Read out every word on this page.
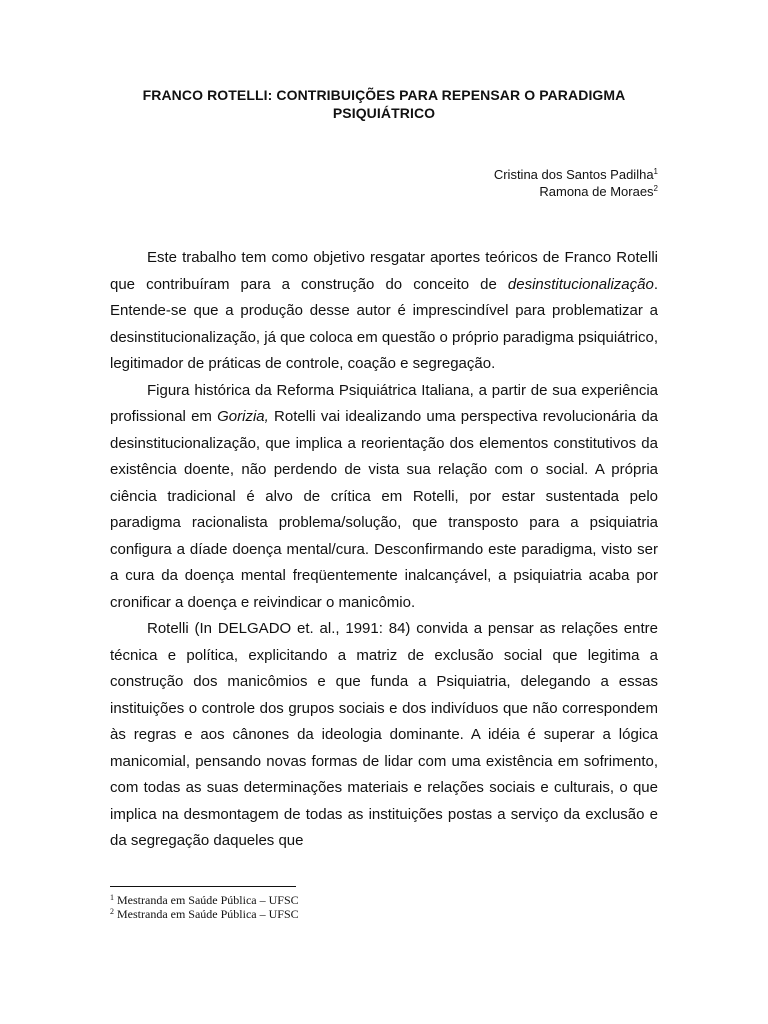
FRANCO ROTELLI: CONTRIBUIÇÕES PARA REPENSAR O PARADIGMA
PSIQUIÁTRICO
Cristina dos Santos Padilha$^1$
Ramona de Moraes$^2$

Este trabalho tem como objetivo resgatar aportes teóricos de Franco Rotelli que contribuíram para a construção do conceito de desinstitucionalização. Entende-se que a produção desse autor é imprescindível para problematizar a desinstitucionalização, já que coloca em questão o próprio paradigma psiquiátrico, legitimador de práticas de controle, coação e segregação.

Figura histórica da Reforma Psiquiátrica Italiana, a partir de sua experiência profissional em Gorizia, Rotelli vai idealizando uma perspectiva revolucionária da desinstitucionalização, que implica a reorientação dos elementos constitutivos da existência doente, não perdendo de vista sua relação com o social. A própria ciência tradicional é alvo de crítica em Rotelli, por estar sustentada pelo paradigma racionalista problema/solução, que transposto para a psiquiatria configura a díade doença mental/cura. Desconfirmando este paradigma, visto ser a cura da doença mental freqüentemente inalcançável, a psiquiatria acaba por cronificar a doença e reivindicar o manicômio.

Rotelli (In DELGADO et. al., 1991: 84) convida a pensar as relações entre técnica e política, explicitando a matriz de exclusão social que legitima a construção dos manicômios e que funda a Psiquiatria, delegando a essas instituições o controle dos grupos sociais e dos indivíduos que não correspondem às regras e aos cânones da ideologia dominante. A idéia é superar a lógica manicomial, pensando novas formas de lidar com uma existência em sofrimento, com todas as suas determinações materiais e relações sociais e culturais, o que implica na desmontagem de todas as instituições postas a serviço da exclusão e da segregação daqueles que

$^1$ Mestranda em Saúde Pública – UFSC
$^2$ Mestranda em Saúde Pública – UFSC
